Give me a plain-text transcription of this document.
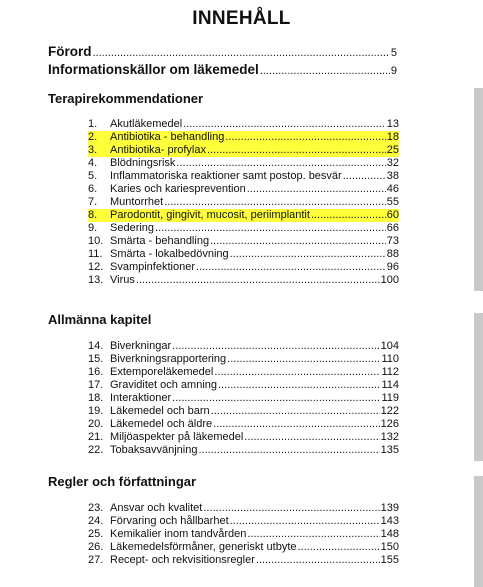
INNEHÅLL
Förord .....	5
Informationskällor om läkemedel .....	9
Terapirekommendationer
1.	Akutläkemedel .....	13
2.	Antibiotika - behandling .....	18
3.	Antibiotika- profylax .....	25
4.	Blödningsrisk .....	32
5.	Inflammatoriska reaktioner samt postop. besvär .....	38
6.	Karies och kariesprevention .....	46
7.	Muntorrhet .....	55
8.	Parodontit, gingivit, mucosit, periimplantit .....	60
9.	Sedering .....	66
10. Smärta - behandling .....	73
11. Smärta - lokalbedövning .....	88
12. Svampinfektioner .....	96
13. Virus .....	100
Allmänna kapitel
14. Biverkningar .....	104
15. Biverkningsrapportering .....	110
16. Extemporeläkemedel .....	112
17. Graviditet och amning .....	114
18. Interaktioner .....	119
19. Läkemedel och barn .....	122
20. Läkemedel och äldre .....	126
21. Miljöaspekter på läkemedel .....	132
22. Tobaksavvänjning .....	135
Regler och författningar
23. Ansvar och kvalitet .....	139
24. Förvaring och hållbarhet .....	143
25. Kemikalier inom tandvården .....	148
26. Läkemedelsförmåner, generiskt utbyte .....	150
27. Recept- och rekvisitionsregler .....	155
